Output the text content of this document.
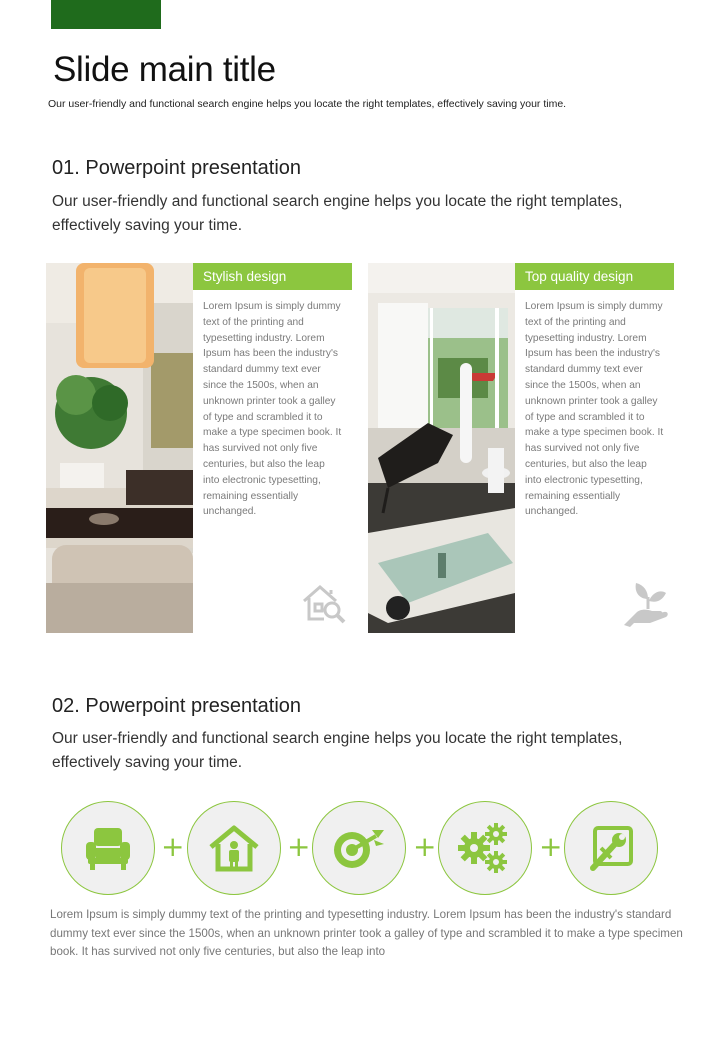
Slide main title
Our user-friendly and functional search engine helps you locate the right templates, effectively saving your time.
01. Powerpoint presentation
Our user-friendly and functional search engine helps you locate the right templates, effectively saving your time.
Stylish design
Lorem Ipsum is simply dummy text of the printing and typesetting industry. Lorem Ipsum has been the industry's standard dummy text ever since the 1500s, when an unknown printer took a galley of type and scrambled it to make a type specimen book. It has survived not only five centuries, but also the leap into electronic typesetting, remaining essentially unchanged.
Top quality design
Lorem Ipsum is simply dummy text of the printing and typesetting industry. Lorem Ipsum has been the industry's standard dummy text ever since the 1500s, when an unknown printer took a galley of type and scrambled it to make a type specimen book. It has survived not only five centuries, but also the leap into electronic typesetting, remaining essentially unchanged.
02. Powerpoint presentation
Our user-friendly and functional search engine helps you locate the right templates, effectively saving your time.
+	+	+	+
Lorem Ipsum is simply dummy text of the printing and typesetting industry. Lorem Ipsum has been the industry's standard dummy text ever since the 1500s, when an unknown printer took a galley of type and scrambled it to make a type specimen book. It has survived not only five centuries, but also the leap into
